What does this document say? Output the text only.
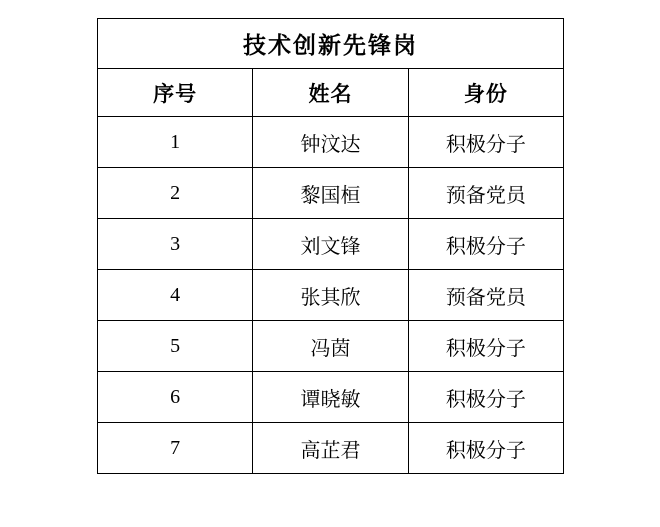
技术创新先锋岗		
序号	姓名	身份
1	钟汶达	积极分子
2	黎国桓	预备党员
3	刘文锋	积极分子
4	张其欣	预备党员
5	冯茵	积极分子
6	谭晓敏	积极分子
7	高芷君	积极分子
